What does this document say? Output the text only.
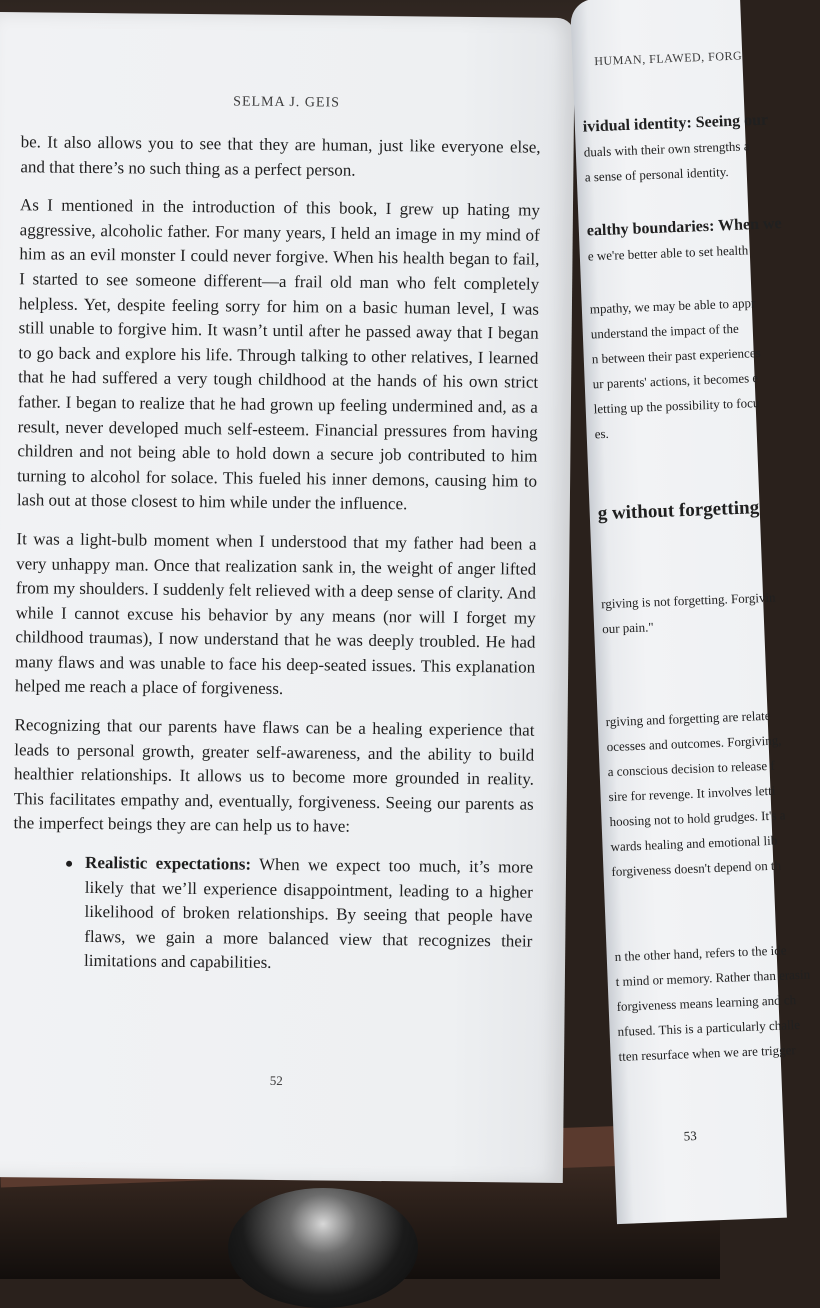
SELMA J. GEIS

be. It also allows you to see that they are human, just like everyone else, and that there’s no such thing as a perfect person.

As I mentioned in the introduction of this book, I grew up hating my aggressive, alcoholic father. For many years, I held an image in my mind of him as an evil monster I could never forgive. When his health began to fail, I started to see someone different—a frail old man who felt completely helpless. Yet, despite feeling sorry for him on a basic human level, I was still unable to forgive him. It wasn’t until after he passed away that I began to go back and explore his life. Through talking to other relatives, I learned that he had suffered a very tough childhood at the hands of his own strict father. I began to realize that he had grown up feeling undermined and, as a result, never developed much self-esteem. Financial pressures from having children and not being able to hold down a secure job contributed to him turning to alcohol for solace. This fueled his inner demons, causing him to lash out at those closest to him while under the influence.

It was a light-bulb moment when I understood that my father had been a very unhappy man. Once that realization sank in, the weight of anger lifted from my shoulders. I suddenly felt relieved with a deep sense of clarity. And while I cannot excuse his behavior by any means (nor will I forget my childhood traumas), I now understand that he was deeply troubled. He had many flaws and was unable to face his deep-seated issues. This explanation helped me reach a place of forgiveness.

Recognizing that our parents have flaws can be a healing experience that leads to personal growth, greater self-awareness, and the ability to build healthier relationships. It allows us to become more grounded in reality. This facilitates empathy and, eventually, forgiveness. Seeing our parents as the imperfect beings they are can help us to have:

Realistic expectations: When we expect too much, it’s more likely that we’ll experience disappointment, leading to a higher likelihood of broken relationships. By seeing that people have flaws, we gain a more balanced view that recognizes their limitations and capabilities.
52
HUMAN, FLAWED, FORG
ividual identity: Seeing our
duals with their own strengths a
a sense of personal identity.
ealthy boundaries: When we
e we're better able to set health
mpathy, we may be able to appr
understand the impact of the
n between their past experiences
ur parents' actions, it becomes e
letting up the possibility to focu
es.
g without forgetting
rgiving is not forgetting. Forgivin
our pain."
rgiving and forgetting are relate
ocesses and outcomes. Forgiving,
a conscious decision to release f
sire for revenge. It involves letti
hoosing not to hold grudges. It's a
wards healing and emotional lib
forgiveness doesn't depend on th
n the other hand, refers to the ide
t mind or memory. Rather than erasin
forgiveness means learning and ch
nfused. This is a particularly challe
tten resurface when we are trigger
53
